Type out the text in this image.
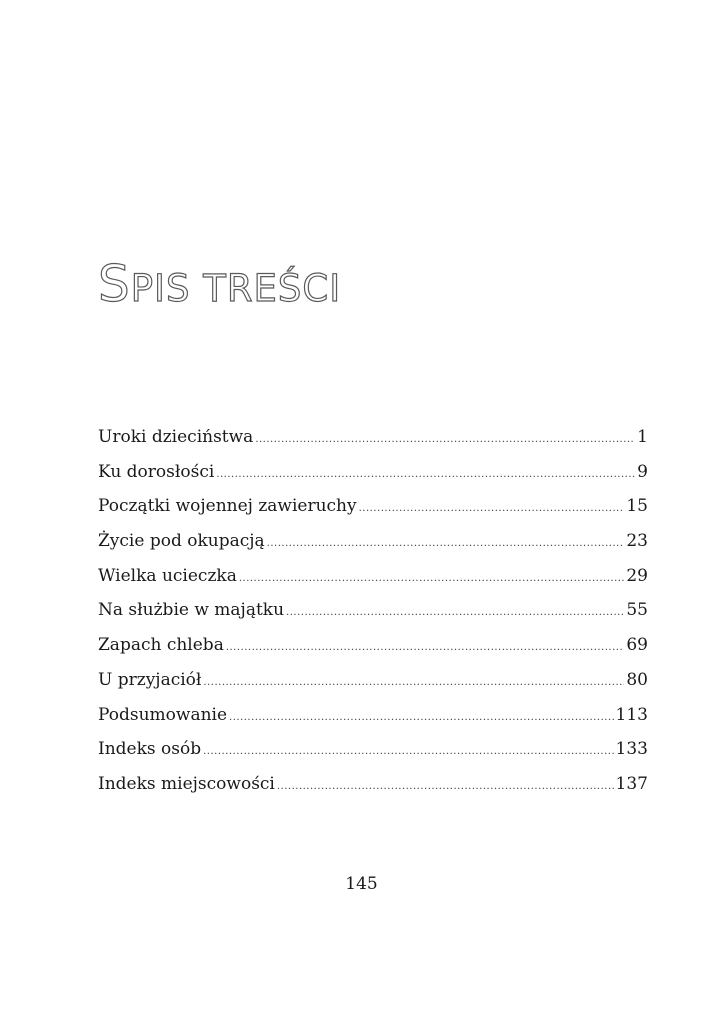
SPIS TREŚCI
Uroki dzieciństwa .....	1
Ku dorosłości .....	9
Początki wojennej zawieruchy .....	15
Życie pod okupacją .....	23
Wielka ucieczka .....	29
Na służbie w majątku .....	55
Zapach chleba .....	69
U przyjaciół .....	80
Podsumowanie .....	113
Indeks osób .....	133
Indeks miejscowości .....	137
145
